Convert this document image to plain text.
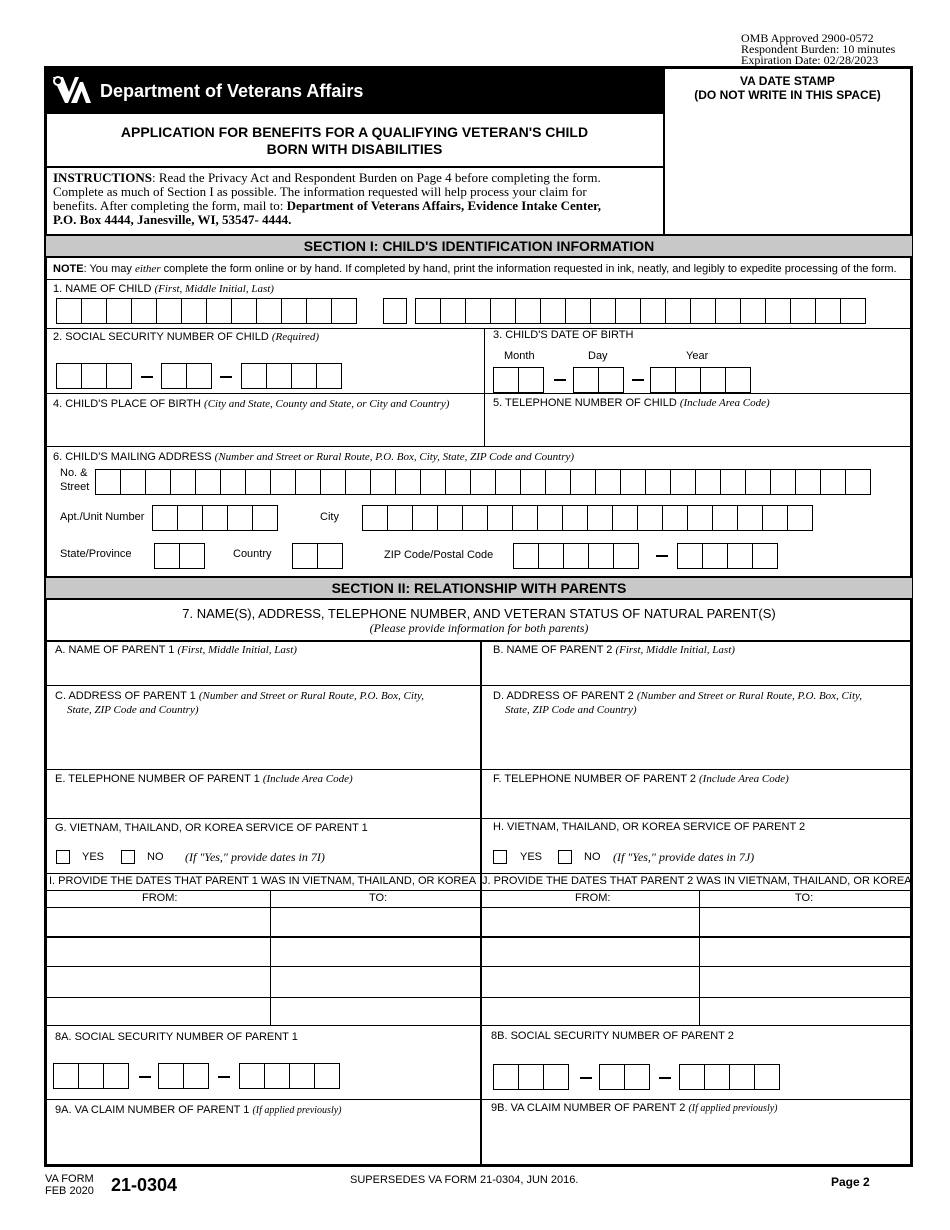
OMB Approved 2900-0572
Respondent Burden: 10 minutes
Expiration Date: 02/28/2023
Department of Veterans Affairs	VA DATE STAMP
(DO NOT WRITE IN THIS SPACE)
APPLICATION FOR BENEFITS FOR A QUALIFYING VETERAN'S CHILD
BORN WITH DISABILITIES
INSTRUCTIONS: Read the Privacy Act and Respondent Burden on Page 4 before completing the form.
Complete as much of Section I as possible. The information requested will help process your claim for
benefits. After completing the form, mail to: Department of Veterans Affairs, Evidence Intake Center,
P.O. Box 4444, Janesville, WI, 53547- 4444.
SECTION I: CHILD'S IDENTIFICATION INFORMATION
NOTE: You may either complete the form online or by hand. If completed by hand, print the information requested in ink, neatly, and legibly to expedite processing of the form.
1. NAME OF CHILD (First, Middle Initial, Last)
2. SOCIAL SECURITY NUMBER OF CHILD (Required)	3. CHILD'S DATE OF BIRTH
Month	Day	Year
4. CHILD'S PLACE OF BIRTH (City and State, County and State, or City and Country)	5. TELEPHONE NUMBER OF CHILD (Include Area Code)
6. CHILD'S MAILING ADDRESS (Number and Street or Rural Route, P.O. Box, City, State, ZIP Code and Country)
No. &
Street
Apt./Unit Number	City
State/Province	Country	ZIP Code/Postal Code
SECTION II: RELATIONSHIP WITH PARENTS
7. NAME(S), ADDRESS, TELEPHONE NUMBER, AND VETERAN STATUS OF NATURAL PARENT(S)
(Please provide information for both parents)
A. NAME OF PARENT 1 (First, Middle Initial, Last)	B. NAME OF PARENT 2 (First, Middle Initial, Last)
C. ADDRESS OF PARENT 1 (Number and Street or Rural Route, P.O. Box, City,
State, ZIP Code and Country)
D. ADDRESS OF PARENT 2 (Number and Street or Rural Route, P.O. Box, City,
State, ZIP Code and Country)
E. TELEPHONE NUMBER OF PARENT 1 (Include Area Code)	F. TELEPHONE NUMBER OF PARENT 2 (Include Area Code)
G. VIETNAM, THAILAND, OR KOREA SERVICE OF PARENT 1
YES	NO (If "Yes," provide dates in 7I)
H. VIETNAM, THAILAND, OR KOREA SERVICE OF PARENT 2
YES	NO (If "Yes," provide dates in 7J)
I. PROVIDE THE DATES THAT PARENT 1 WAS IN VIETNAM, THAILAND, OR KOREA J. PROVIDE THE DATES THAT PARENT 2 WAS IN VIETNAM, THAILAND, OR KOREA
FROM:	TO:	FROM:	TO:
8A. SOCIAL SECURITY NUMBER OF PARENT 1	8B. SOCIAL SECURITY NUMBER OF PARENT 2
9A. VA CLAIM NUMBER OF PARENT 1 (If applied previously)	9B. VA CLAIM NUMBER OF PARENT 2 (If applied previously)
VA FORM
FEB 2020 21-0304	SUPERSEDES VA FORM 21-0304, JUN 2016.	Page 2
